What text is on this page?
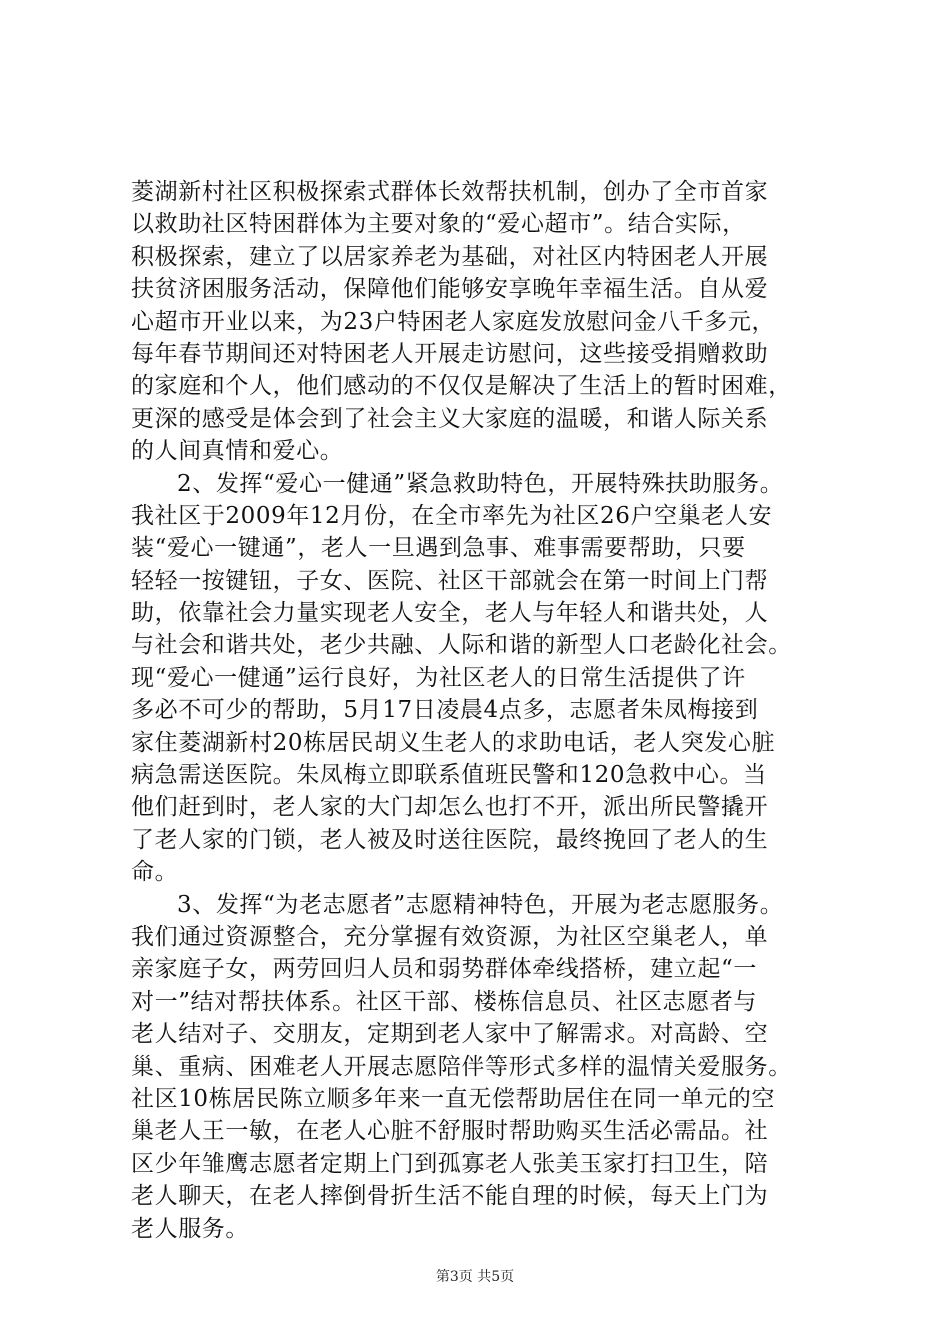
菱湖新村社区积极探索式群体长效帮扶机制，创办了全市首家
以救助社区特困群体为主要对象的“爱心超市”。结合实际，
积极探索，建立了以居家养老为基础，对社区内特困老人开展
扶贫济困服务活动，保障他们能够安享晚年幸福生活。自从爱
心超市开业以来，为23户特困老人家庭发放慰问金八千多元，
每年春节期间还对特困老人开展走访慰问，这些接受捐赠救助
的家庭和个人，他们感动的不仅仅是解决了生活上的暂时困难，
更深的感受是体会到了社会主义大家庭的温暖，和谐人际关系
的人间真情和爱心。
2、发挥“爱心一健通”紧急救助特色，开展特殊扶助服务。
我社区于2009年12月份，在全市率先为社区26户空巢老人安
装“爱心一键通”，老人一旦遇到急事、难事需要帮助，只要
轻轻一按键钮，子女、医院、社区干部就会在第一时间上门帮
助，依靠社会力量实现老人安全，老人与年轻人和谐共处，人
与社会和谐共处，老少共融、人际和谐的新型人口老龄化社会。
现“爱心一健通”运行良好，为社区老人的日常生活提供了许
多必不可少的帮助，5月17日凌晨4点多，志愿者朱凤梅接到
家住菱湖新村20栋居民胡义生老人的求助电话，老人突发心脏
病急需送医院。朱凤梅立即联系值班民警和120急救中心。当
他们赶到时，老人家的大门却怎么也打不开，派出所民警撬开
了老人家的门锁，老人被及时送往医院，最终挽回了老人的生
命。
3、发挥“为老志愿者”志愿精神特色，开展为老志愿服务。
我们通过资源整合，充分掌握有效资源，为社区空巢老人，单
亲家庭子女，两劳回归人员和弱势群体牵线搭桥，建立起“一
对一”结对帮扶体系。社区干部、楼栋信息员、社区志愿者与
老人结对子、交朋友，定期到老人家中了解需求。对高龄、空
巢、重病、困难老人开展志愿陪伴等形式多样的温情关爱服务。
社区10栋居民陈立顺多年来一直无偿帮助居住在同一单元的空
巢老人王一敏，在老人心脏不舒服时帮助购买生活必需品。社
区少年雏鹰志愿者定期上门到孤寡老人张美玉家打扫卫生，陪
老人聊天，在老人摔倒骨折生活不能自理的时候，每天上门为
老人服务。
第3页 共5页
